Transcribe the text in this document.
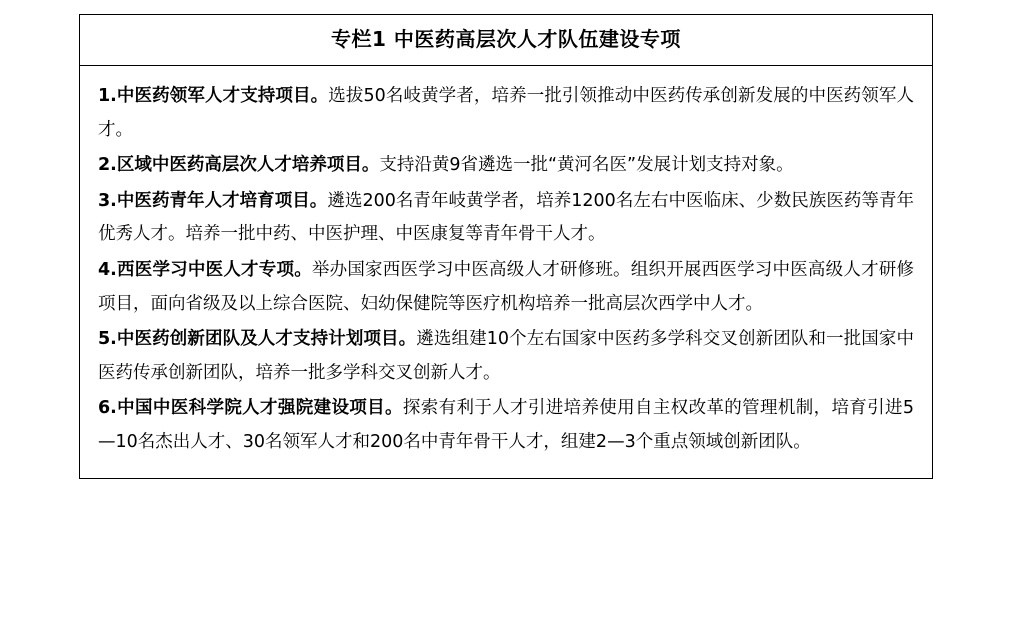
专栏1 中医药高层次人才队伍建设专项

1.中医药领军人才支持项目。选拔50名岐黄学者，培养一批引领推动中医药传承创新发展的中医药领军人才。

2.区域中医药高层次人才培养项目。支持沿黄9省遴选一批“黄河名医”发展计划支持对象。

3.中医药青年人才培育项目。遴选200名青年岐黄学者，培养1200名左右中医临床、少数民族医药等青年优秀人才。培养一批中药、中医护理、中医康复等青年骨干人才。

4.西医学习中医人才专项。举办国家西医学习中医高级人才研修班。组织开展西医学习中医高级人才研修项目，面向省级及以上综合医院、妇幼保健院等医疗机构培养一批高层次西学中人才。

5.中医药创新团队及人才支持计划项目。遴选组建10个左右国家中医药多学科交叉创新团队和一批国家中医药传承创新团队，培养一批多学科交叉创新人才。

6.中国中医科学院人才强院建设项目。探索有利于人才引进培养使用自主权改革的管理机制，培育引进5—10名杰出人才、30名领军人才和200名中青年骨干人才，组建2—3个重点领域创新团队。
